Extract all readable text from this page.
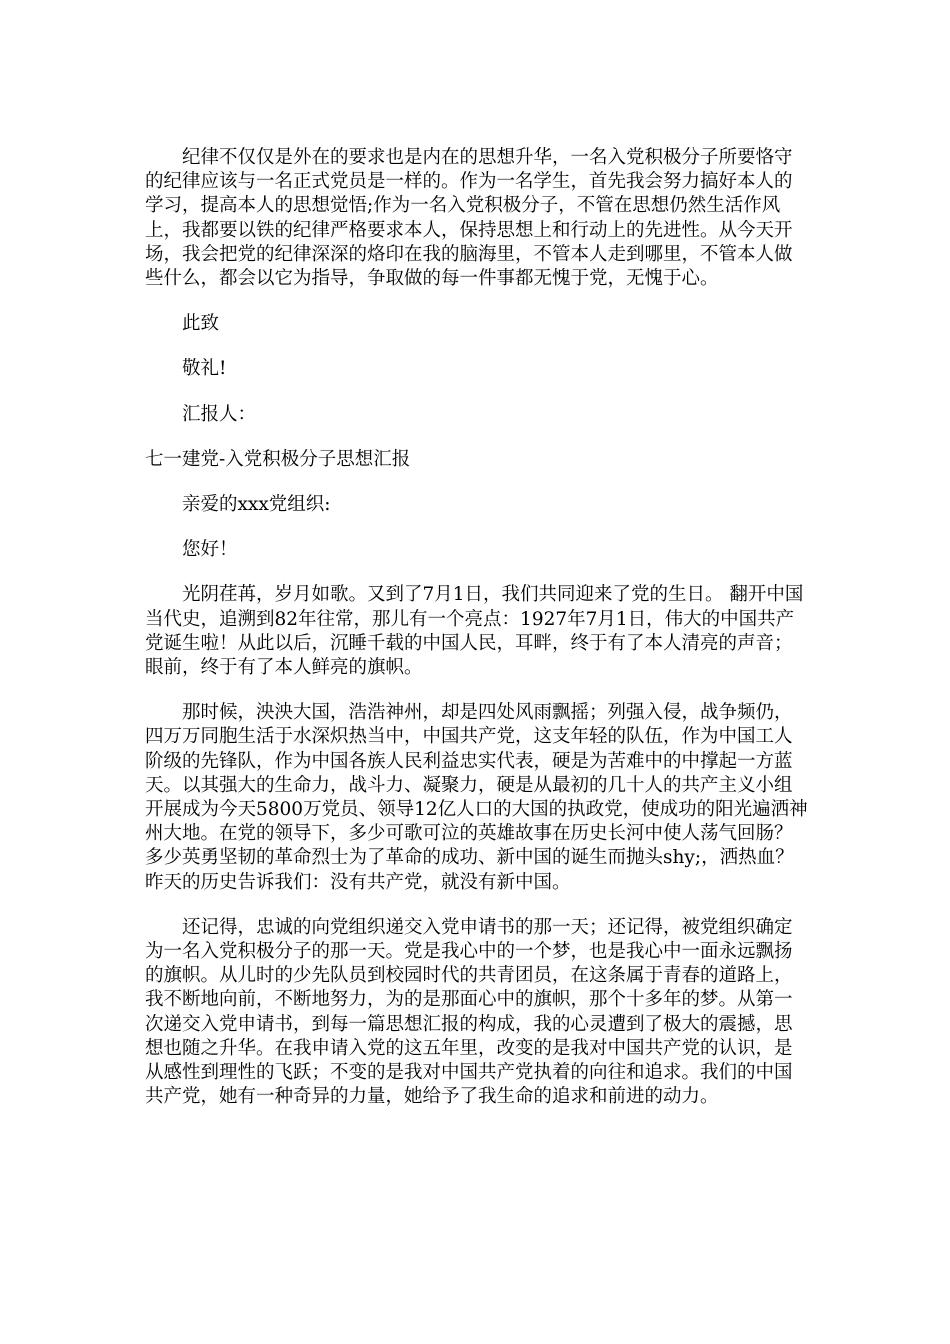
纪律不仅仅是外在的要求也是内在的思想升华，一名入党积极分子所要恪守的纪律应该与一名正式党员是一样的。作为一名学生，首先我会努力搞好本人的学习，提高本人的思想觉悟;作为一名入党积极分子，不管在思想仍然生活作风上，我都要以铁的纪律严格要求本人，保持思想上和行动上的先进性。从今天开场，我会把党的纪律深深的烙印在我的脑海里，不管本人走到哪里，不管本人做些什么，都会以它为指导，争取做的每一件事都无愧于党，无愧于心。

此致

敬礼!

汇报人：

七一建党-入党积极分子思想汇报

亲爱的xxx党组织:

您好！

光阴荏苒，岁月如歌。又到了7月1日，我们共同迎来了党的生日。 翻开中国当代史，追溯到82年往常，那儿有一个亮点：1927年7月1日，伟大的中国共产党诞生啦！从此以后，沉睡千载的中国人民，耳畔，终于有了本人清亮的声音；眼前，终于有了本人鲜亮的旗帜。

那时候，泱泱大国，浩浩神州，却是四处风雨飘摇；列强入侵，战争频仍，四万万同胞生活于水深炽热当中，中国共产党，这支年轻的队伍，作为中国工人阶级的先锋队，作为中国各族人民利益忠实代表，硬是为苦难中的中撑起一方蓝天。以其强大的生命力，战斗力、凝聚力，硬是从最初的几十人的共产主义小组开展成为今天5800万党员、领导12亿人口的大国的执政党，使成功的阳光遍洒神州大地。在党的领导下，多少可歌可泣的英雄故事在历史长河中使人荡气回肠？多少英勇坚韧的革命烈士为了革命的成功、新中国的诞生而抛头shy;，洒热血？昨天的历史告诉我们：没有共产党，就没有新中国。

还记得，忠诚的向党组织递交入党申请书的那一天；还记得，被党组织确定为一名入党积极分子的那一天。党是我心中的一个梦，也是我心中一面永远飘扬的旗帜。从儿时的少先队员到校园时代的共青团员，在这条属于青春的道路上，我不断地向前，不断地努力，为的是那面心中的旗帜，那个十多年的梦。从第一次递交入党申请书，到每一篇思想汇报的构成，我的心灵遭到了极大的震撼，思想也随之升华。在我申请入党的这五年里，改变的是我对中国共产党的认识，是从感性到理性的飞跃；不变的是我对中国共产党执着的向往和追求。我们的中国共产党，她有一种奇异的力量，她给予了我生命的追求和前进的动力。
